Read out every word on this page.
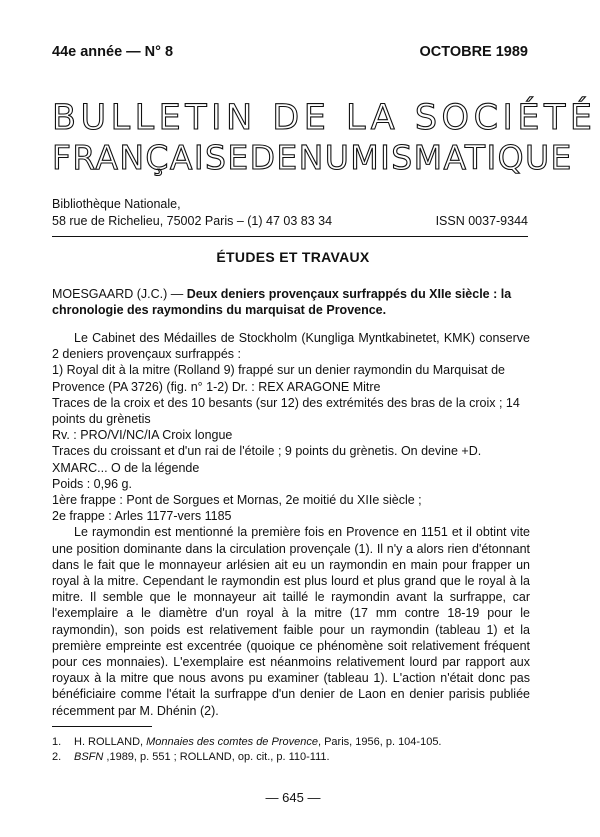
44e année — N° 8	OCTOBRE 1989
BULLETIN DE LA SOCIÉTÉ
FRANÇAISEDENUMISMATIQUE
Bibliothèque Nationale,
58 rue de Richelieu, 75002 Paris – (1) 47 03 83 34	ISSN 0037-9344
ÉTUDES ET TRAVAUX
MOESGAARD (J.C.) — Deux deniers provençaux surfrappés du XIIe siècle : la chronologie des raymondins du marquisat de Provence.

Le Cabinet des Médailles de Stockholm (Kungliga Myntkabinetet, KMK) conserve 2 deniers provençaux surfrappés :

1) Royal dit à la mitre (Rolland 9) frappé sur un denier raymondin du Marquisat de Provence (PA 3726) (fig. n° 1-2) Dr. : REX ARAGONE Mitre

Traces de la croix et des 10 besants (sur 12) des extrémités des bras de la croix ; 14 points du grènetis

Rv. : PRO/VI/NC/IA Croix longue

Traces du croissant et d'un rai de l'étoile ; 9 points du grènetis. On devine +D. XMARC... O de la légende

Poids : 0,96 g.

1ère frappe : Pont de Sorgues et Mornas, 2e moitié du XIIe siècle ;

2e frappe : Arles 1177-vers 1185

Le raymondin est mentionné la première fois en Provence en 1151 et il obtint vite une position dominante dans la circulation provençale (1). Il n'y a alors rien d'étonnant dans le fait que le monnayeur arlésien ait eu un raymondin en main pour frapper un royal à la mitre. Cependant le raymondin est plus lourd et plus grand que le royal à la mitre. Il semble que le monnayeur ait taillé le raymondin avant la surfrappe, car l'exemplaire a le diamètre d'un royal à la mitre (17 mm contre 18-19 pour le raymondin), son poids est relativement faible pour un raymondin (tableau 1) et la première empreinte est excentrée (quoique ce phénomène soit relativement fréquent pour ces monnaies). L'exemplaire est néanmoins relativement lourd par rapport aux royaux à la mitre que nous avons pu examiner (tableau 1). L'action n'était donc pas bénéficiaire comme l'était la surfrappe d'un denier de Laon en denier parisis publiée récemment par M. Dhénin (2).

1. H. ROLLAND, Monnaies des comtes de Provence, Paris, 1956, p. 104-105.
2. BSFN ,1989, p. 551 ; ROLLAND, op. cit., p. 110-111.
— 645 —
